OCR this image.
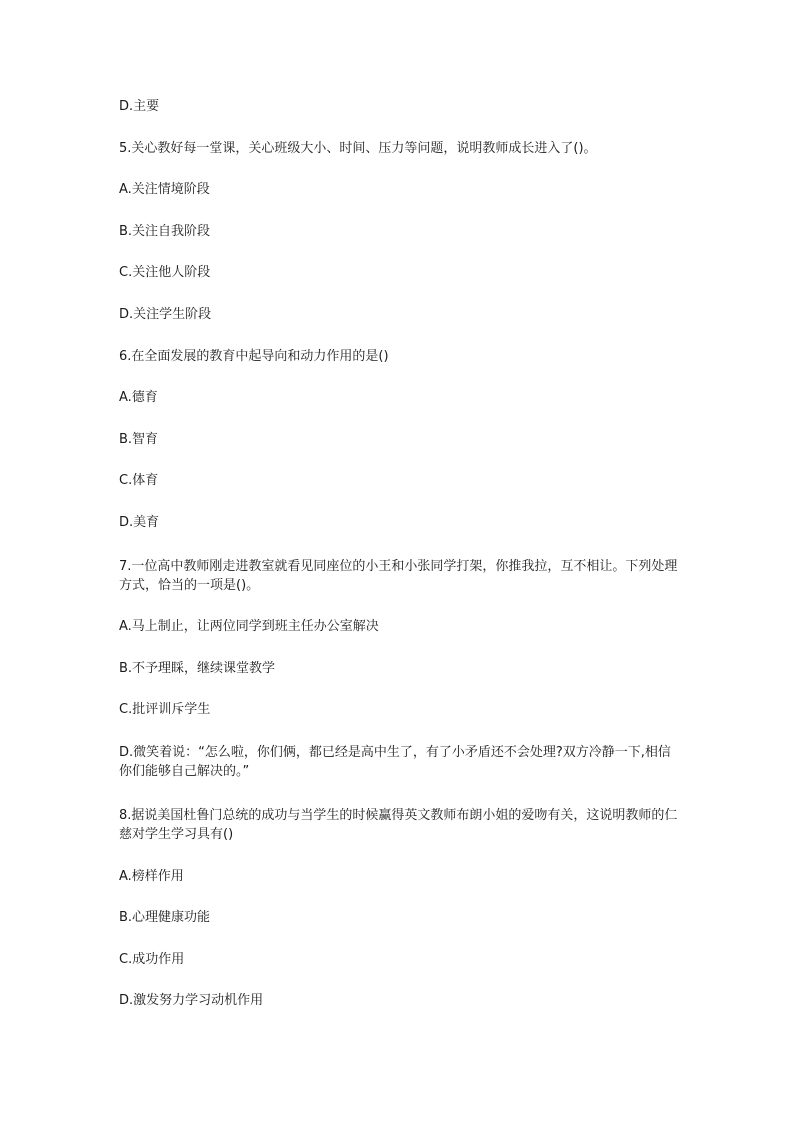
D.主要
5.关心教好每一堂课，关心班级大小、时间、压力等问题，说明教师成长进入了()。
A.关注情境阶段
B.关注自我阶段
C.关注他人阶段
D.关注学生阶段
6.在全面发展的教育中起导向和动力作用的是()
A.德育
B.智育
C.体育
D.美育
7.一位高中教师刚走进教室就看见同座位的小王和小张同学打架，你推我拉，互不相让。下列处理方式，恰当的一项是()。
A.马上制止，让两位同学到班主任办公室解决
B.不予理睬，继续课堂教学
C.批评训斥学生
D.微笑着说：“怎么啦，你们俩，都已经是高中生了，有了小矛盾还不会处理?双方冷静一下,相信你们能够自己解决的。”
8.据说美国杜鲁门总统的成功与当学生的时候赢得英文教师布朗小姐的爱吻有关，这说明教师的仁慈对学生学习具有()
A.榜样作用
B.心理健康功能
C.成功作用
D.激发努力学习动机作用
